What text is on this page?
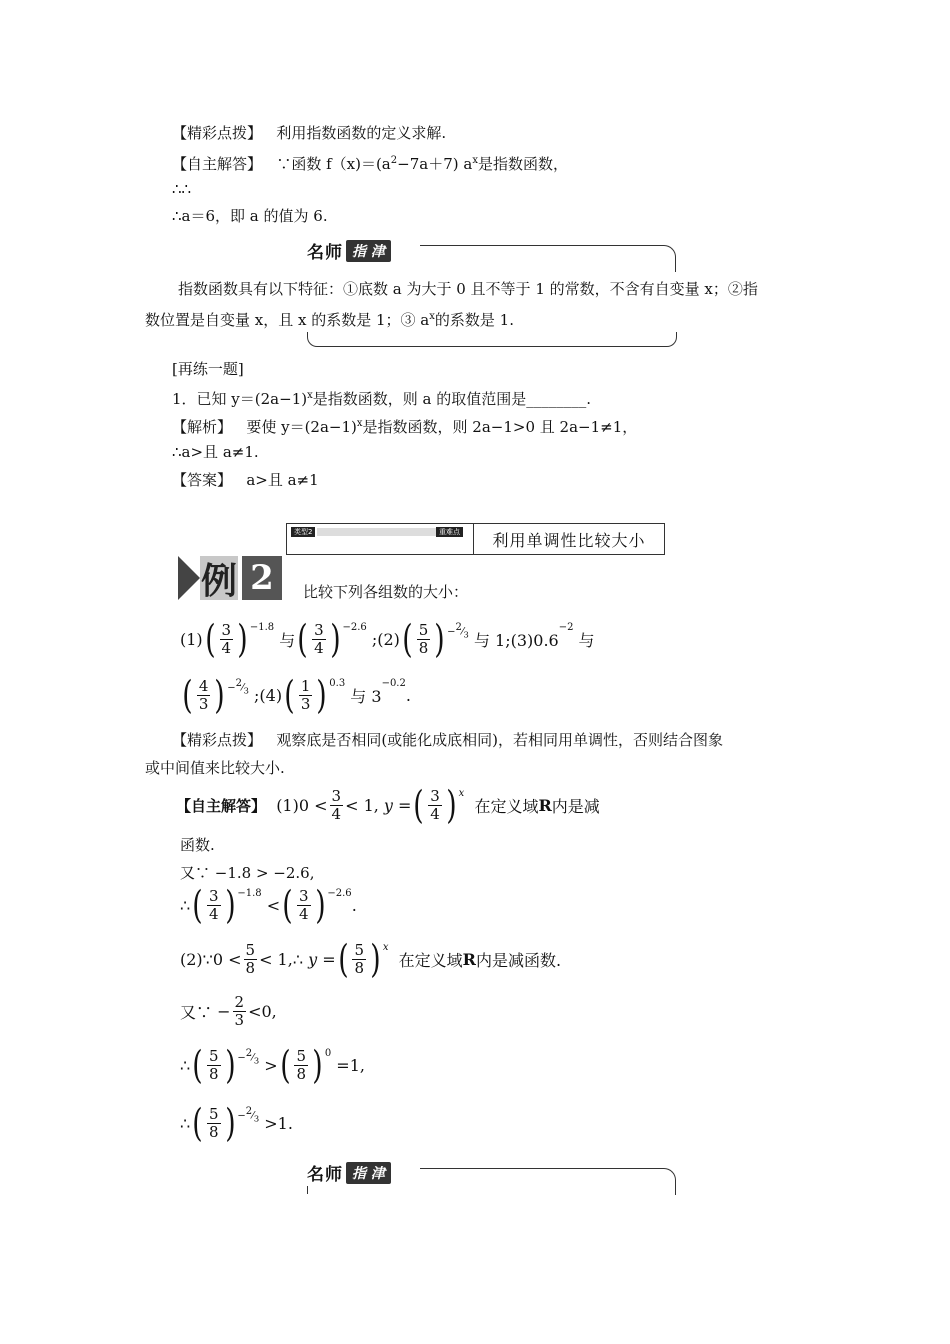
【精彩点拨】 利用指数函数的定义求解.
【自主解答】 ∵函数 $f(x)=(a^2-7a+7)$ $a^x$是指数函数，
∴∴
∴a＝6，即 a 的值为 6.
名师 指 津
指数函数具有以下特征：①底数 a 为大于 0 且不等于 1 的常数，不含有自变量 x；②指
数位置是自变量 x，且 x 的系数是 1；③ $a^x$的系数是 1.
[再练一题]
1．已知 $y=(2a-1)^x$是指数函数，则 a 的取值范围是________.
【解析】 要使 $y=(2a-1)^x$是指数函数，则 2a−1>0 且 2a−1≠1，
∴a>且 a≠1.
【答案】 a>且 a≠1
类型2	重难点	利用单调性比较大小
例 2	比较下列各组数的大小：
(1) ( $\frac{3}{4} )^{-1.8}$
与 ( $\frac{3}{4} )^{-2.6}$
;(2) ( $\frac{5}{8} )^{-^2⁄_3}$ 与 1;(3)0.6
$^{-2}$
与
( $\frac{4}{3} )^{-^2⁄_3}$ ;(4) ( $\frac{1}{3} )^{0.3}$
与 3
$^{-0.2}$
.
【精彩点拨】 观察底是否相同(或能化成底相同)，若相同用单调性，否则结合图象
或中间值来比较大小.
【自主解答】 $(1)0 < \frac{3}{4} < 1$, y = ( $\frac{3}{4}$ ) $^x$

在定义域 R 内是减
函数.
又∵ −1.8 > −2.6,
∴ ( $\frac{3}{4} )^{-1.8}$
< ( $\frac{3}{4} )^{-2.6}$
.
(2)∵0 < $\frac{5}{8}$ < 1,∴ y = ( $\frac{5}{8}$ ) $^x$

在定义域 R 内是减函数.
又∵ − $\frac{2}{3} <0$,
∴ ( $\frac{5}{8} )^{-^2⁄_3}$ > ( $\frac{5}{8} )^0$
=1,
∴ ( $\frac{5}{8} )^{-^2⁄_3} >1$.
名师 指 津
